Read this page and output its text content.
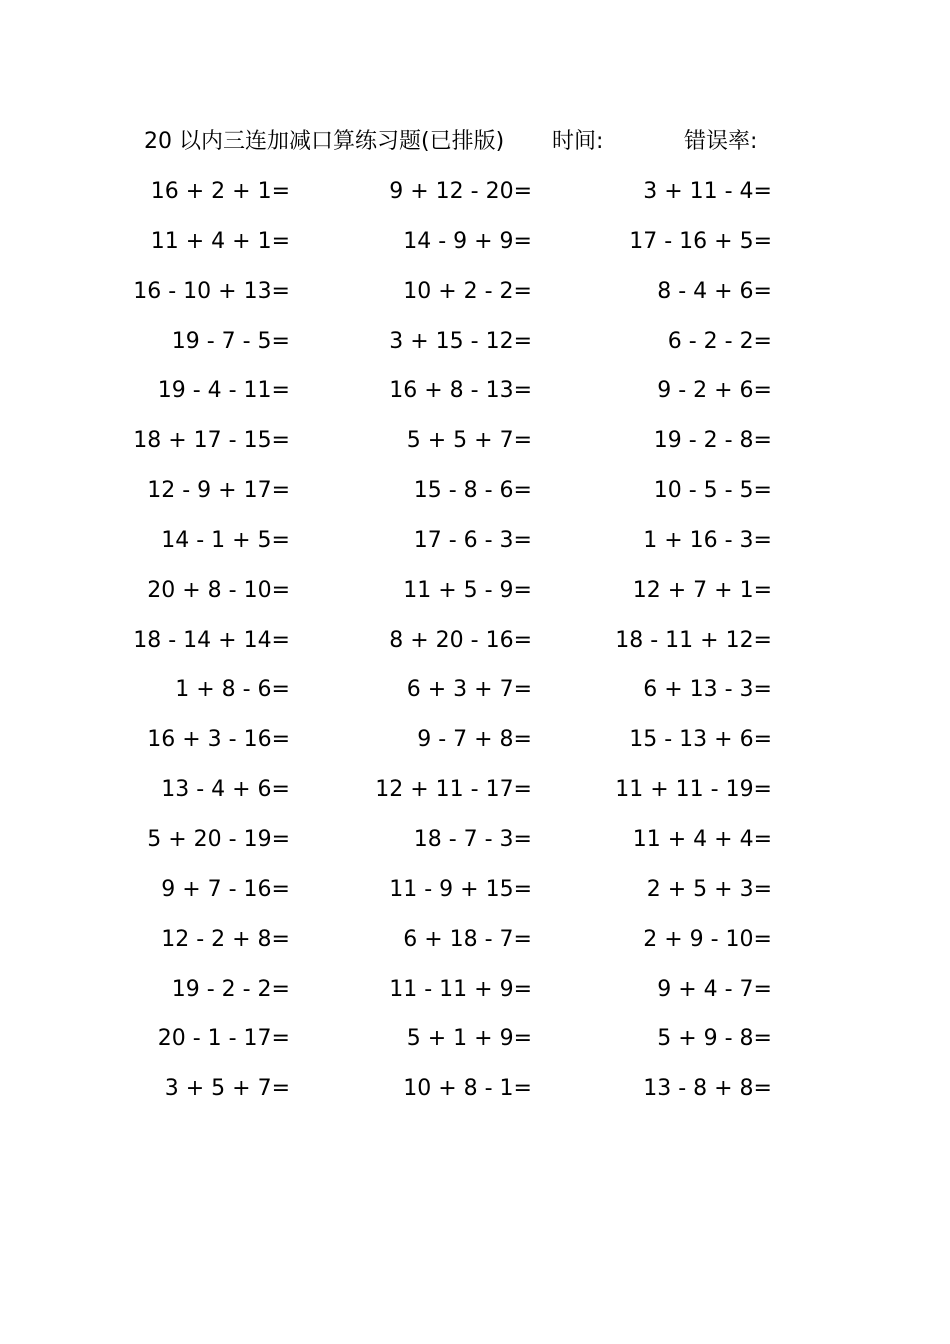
20 以内三连加减口算练习题(已排版) 时间:	错误率:
16 + 2 + 1=	9 + 12 - 20=	3 + 11 - 4=
11 + 4 + 1=	14 - 9 + 9=	17 - 16 + 5=
16 - 10 + 13=	10 + 2 - 2=	8 - 4 + 6=
19 - 7 - 5=	3 + 15 - 12=	6 - 2 - 2=
19 - 4 - 11=	16 + 8 - 13=	9 - 2 + 6=
18 + 17 - 15=	5 + 5 + 7=	19 - 2 - 8=
12 - 9 + 17=	15 - 8 - 6=	10 - 5 - 5=
14 - 1 + 5=	17 - 6 - 3=	1 + 16 - 3=
20 + 8 - 10=	11 + 5 - 9=	12 + 7 + 1=
18 - 14 + 14=	8 + 20 - 16=	18 - 11 + 12=
1 + 8 - 6=	6 + 3 + 7=	6 + 13 - 3=
16 + 3 - 16=	9 - 7 + 8=	15 - 13 + 6=
13 - 4 + 6=	12 + 11 - 17=	11 + 11 - 19=
5 + 20 - 19=	18 - 7 - 3=	11 + 4 + 4=
9 + 7 - 16=	11 - 9 + 15=	2 + 5 + 3=
12 - 2 + 8=	6 + 18 - 7=	2 + 9 - 10=
19 - 2 - 2=	11 - 11 + 9=	9 + 4 - 7=
20 - 1 - 17=	5 + 1 + 9=	5 + 9 - 8=
3 + 5 + 7=	10 + 8 - 1=	13 - 8 + 8=
